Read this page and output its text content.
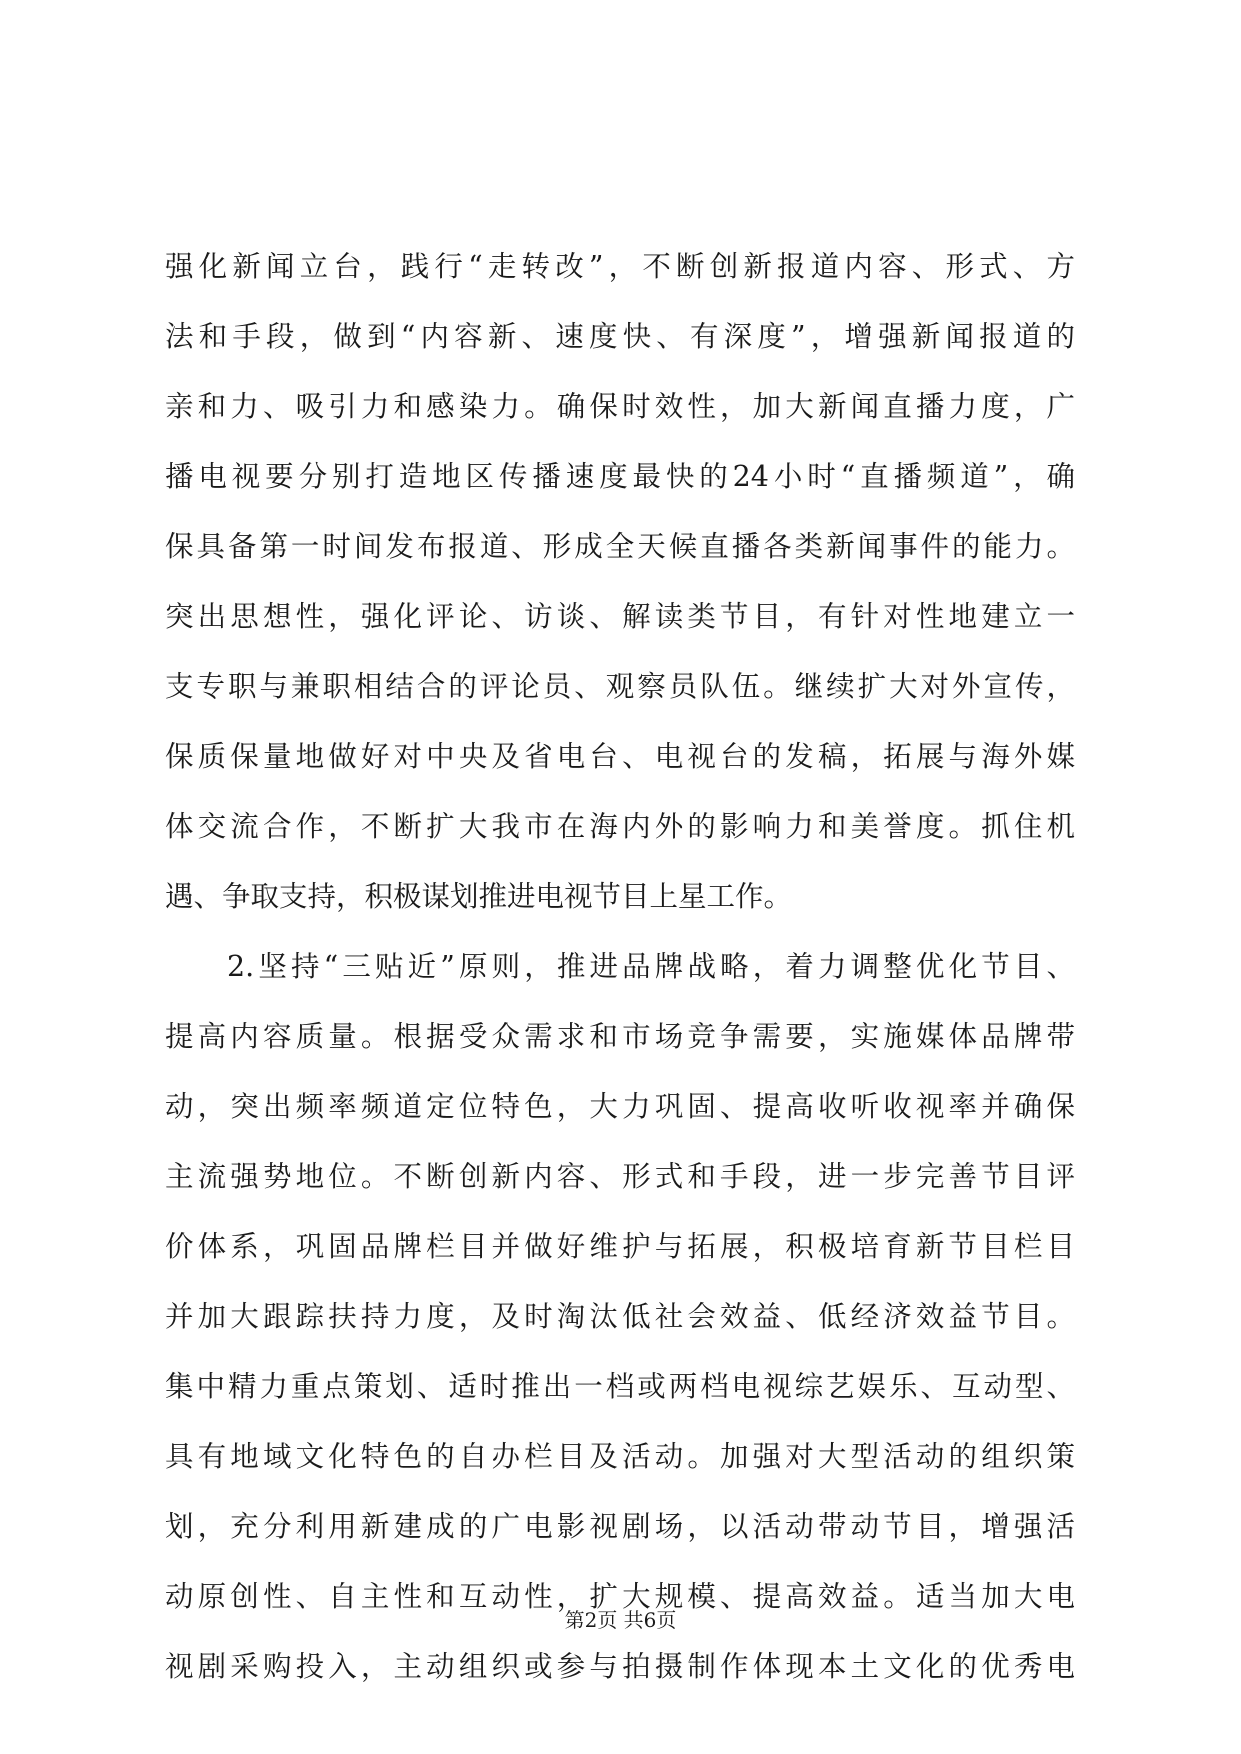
强化新闻立台，践行“走转改”，不断创新报道内容、形式、方
法和手段，做到“内容新、速度快、有深度”，增强新闻报道的
亲和力、吸引力和感染力。确保时效性，加大新闻直播力度，广
播电视要分别打造地区传播速度最快的24小时“直播频道”，确
保具备第一时间发布报道、形成全天候直播各类新闻事件的能力。
突出思想性，强化评论、访谈、解读类节目，有针对性地建立一
支专职与兼职相结合的评论员、观察员队伍。继续扩大对外宣传，
保质保量地做好对中央及省电台、电视台的发稿，拓展与海外媒
体交流合作，不断扩大我市在海内外的影响力和美誉度。抓住机
遇、争取支持，积极谋划推进电视节目上星工作。
2.坚持“三贴近”原则，推进品牌战略，着力调整优化节目、
提高内容质量。根据受众需求和市场竞争需要，实施媒体品牌带
动，突出频率频道定位特色，大力巩固、提高收听收视率并确保
主流强势地位。不断创新内容、形式和手段，进一步完善节目评
价体系，巩固品牌栏目并做好维护与拓展，积极培育新节目栏目
并加大跟踪扶持力度，及时淘汰低社会效益、低经济效益节目。
集中精力重点策划、适时推出一档或两档电视综艺娱乐、互动型、
具有地域文化特色的自办栏目及活动。加强对大型活动的组织策
划，充分利用新建成的广电影视剧场，以活动带动节目，增强活
动原创性、自主性和互动性，扩大规模、提高效益。适当加大电
视剧采购投入，主动组织或参与拍摄制作体现本土文化的优秀电
第2页 共6页
